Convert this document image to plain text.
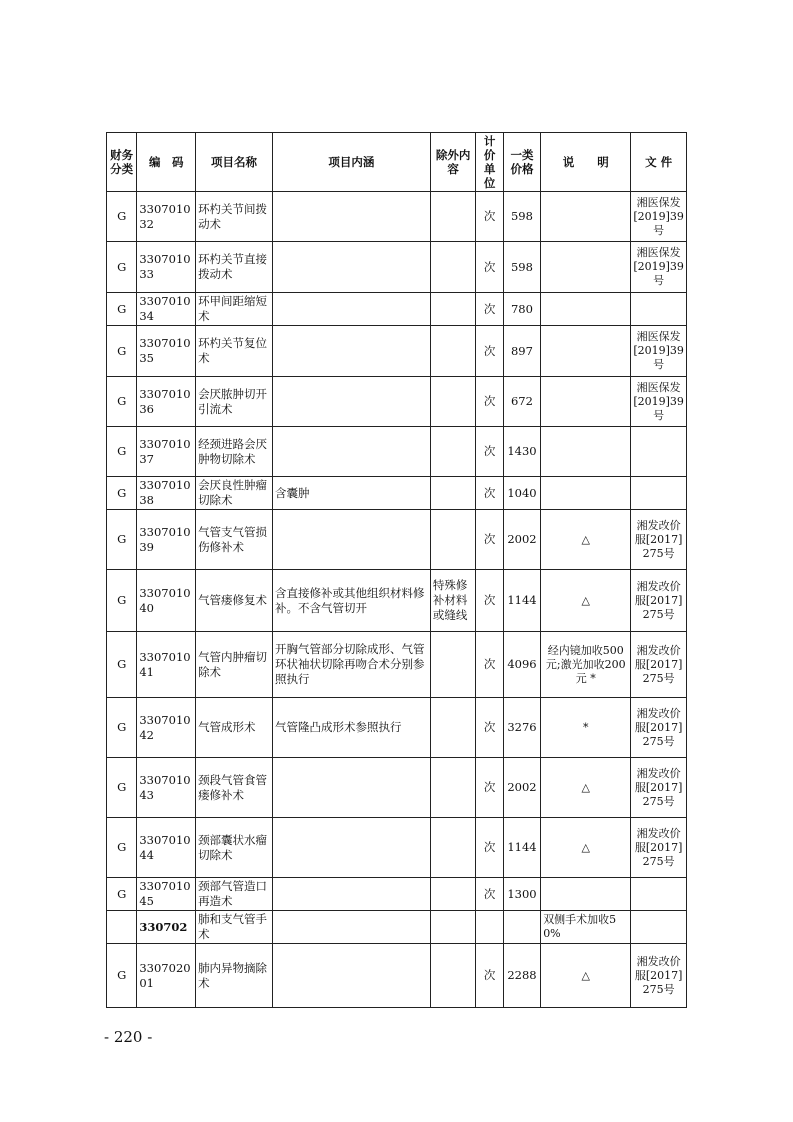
财务分类	编　码	项目名称	项目内涵	除外内容	计价单位	一类价格	说　　明	文 件
G	330701032	环杓关节间拨动术			次	598		湘医保发[2019]39号
G	330701033	环杓关节直接拨动术			次	598		湘医保发[2019]39号
G	330701034	环甲间距缩短术			次	780		
G	330701035	环杓关节复位术			次	897		湘医保发[2019]39号
G	330701036	会厌脓肿切开引流术			次	672		湘医保发[2019]39号
G	330701037	经颈进路会厌肿物切除术			次	1430		
G	330701038	会厌良性肿瘤切除术	含囊肿		次	1040		
G	330701039	气管支气管损伤修补术			次	2002	△	湘发改价服[2017]275号
G	330701040	气管瘘修复术	含直接修补或其他组织材料修补。不含气管切开	特殊修补材料或缝线	次	1144	△	湘发改价服[2017]275号
G	330701041	气管内肿瘤切除术	开胸气管部分切除成形、气管环状袖状切除再吻合术分别参照执行		次	4096	经内镜加收500元;激光加收200元 *	湘发改价服[2017]275号
G	330701042	气管成形术	气管隆凸成形术参照执行		次	3276	*	湘发改价服[2017]275号
G	330701043	颈段气管食管瘘修补术			次	2002	△	湘发改价服[2017]275号
G	330701044	颈部囊状水瘤切除术			次	1144	△	湘发改价服[2017]275号
G	330701045	颈部气管造口再造术			次	1300		
	330702	肺和支气管手术					双侧手术加收50%	
G	330702001	肺内异物摘除术			次	2288	△	湘发改价服[2017]275号
- 220 -
